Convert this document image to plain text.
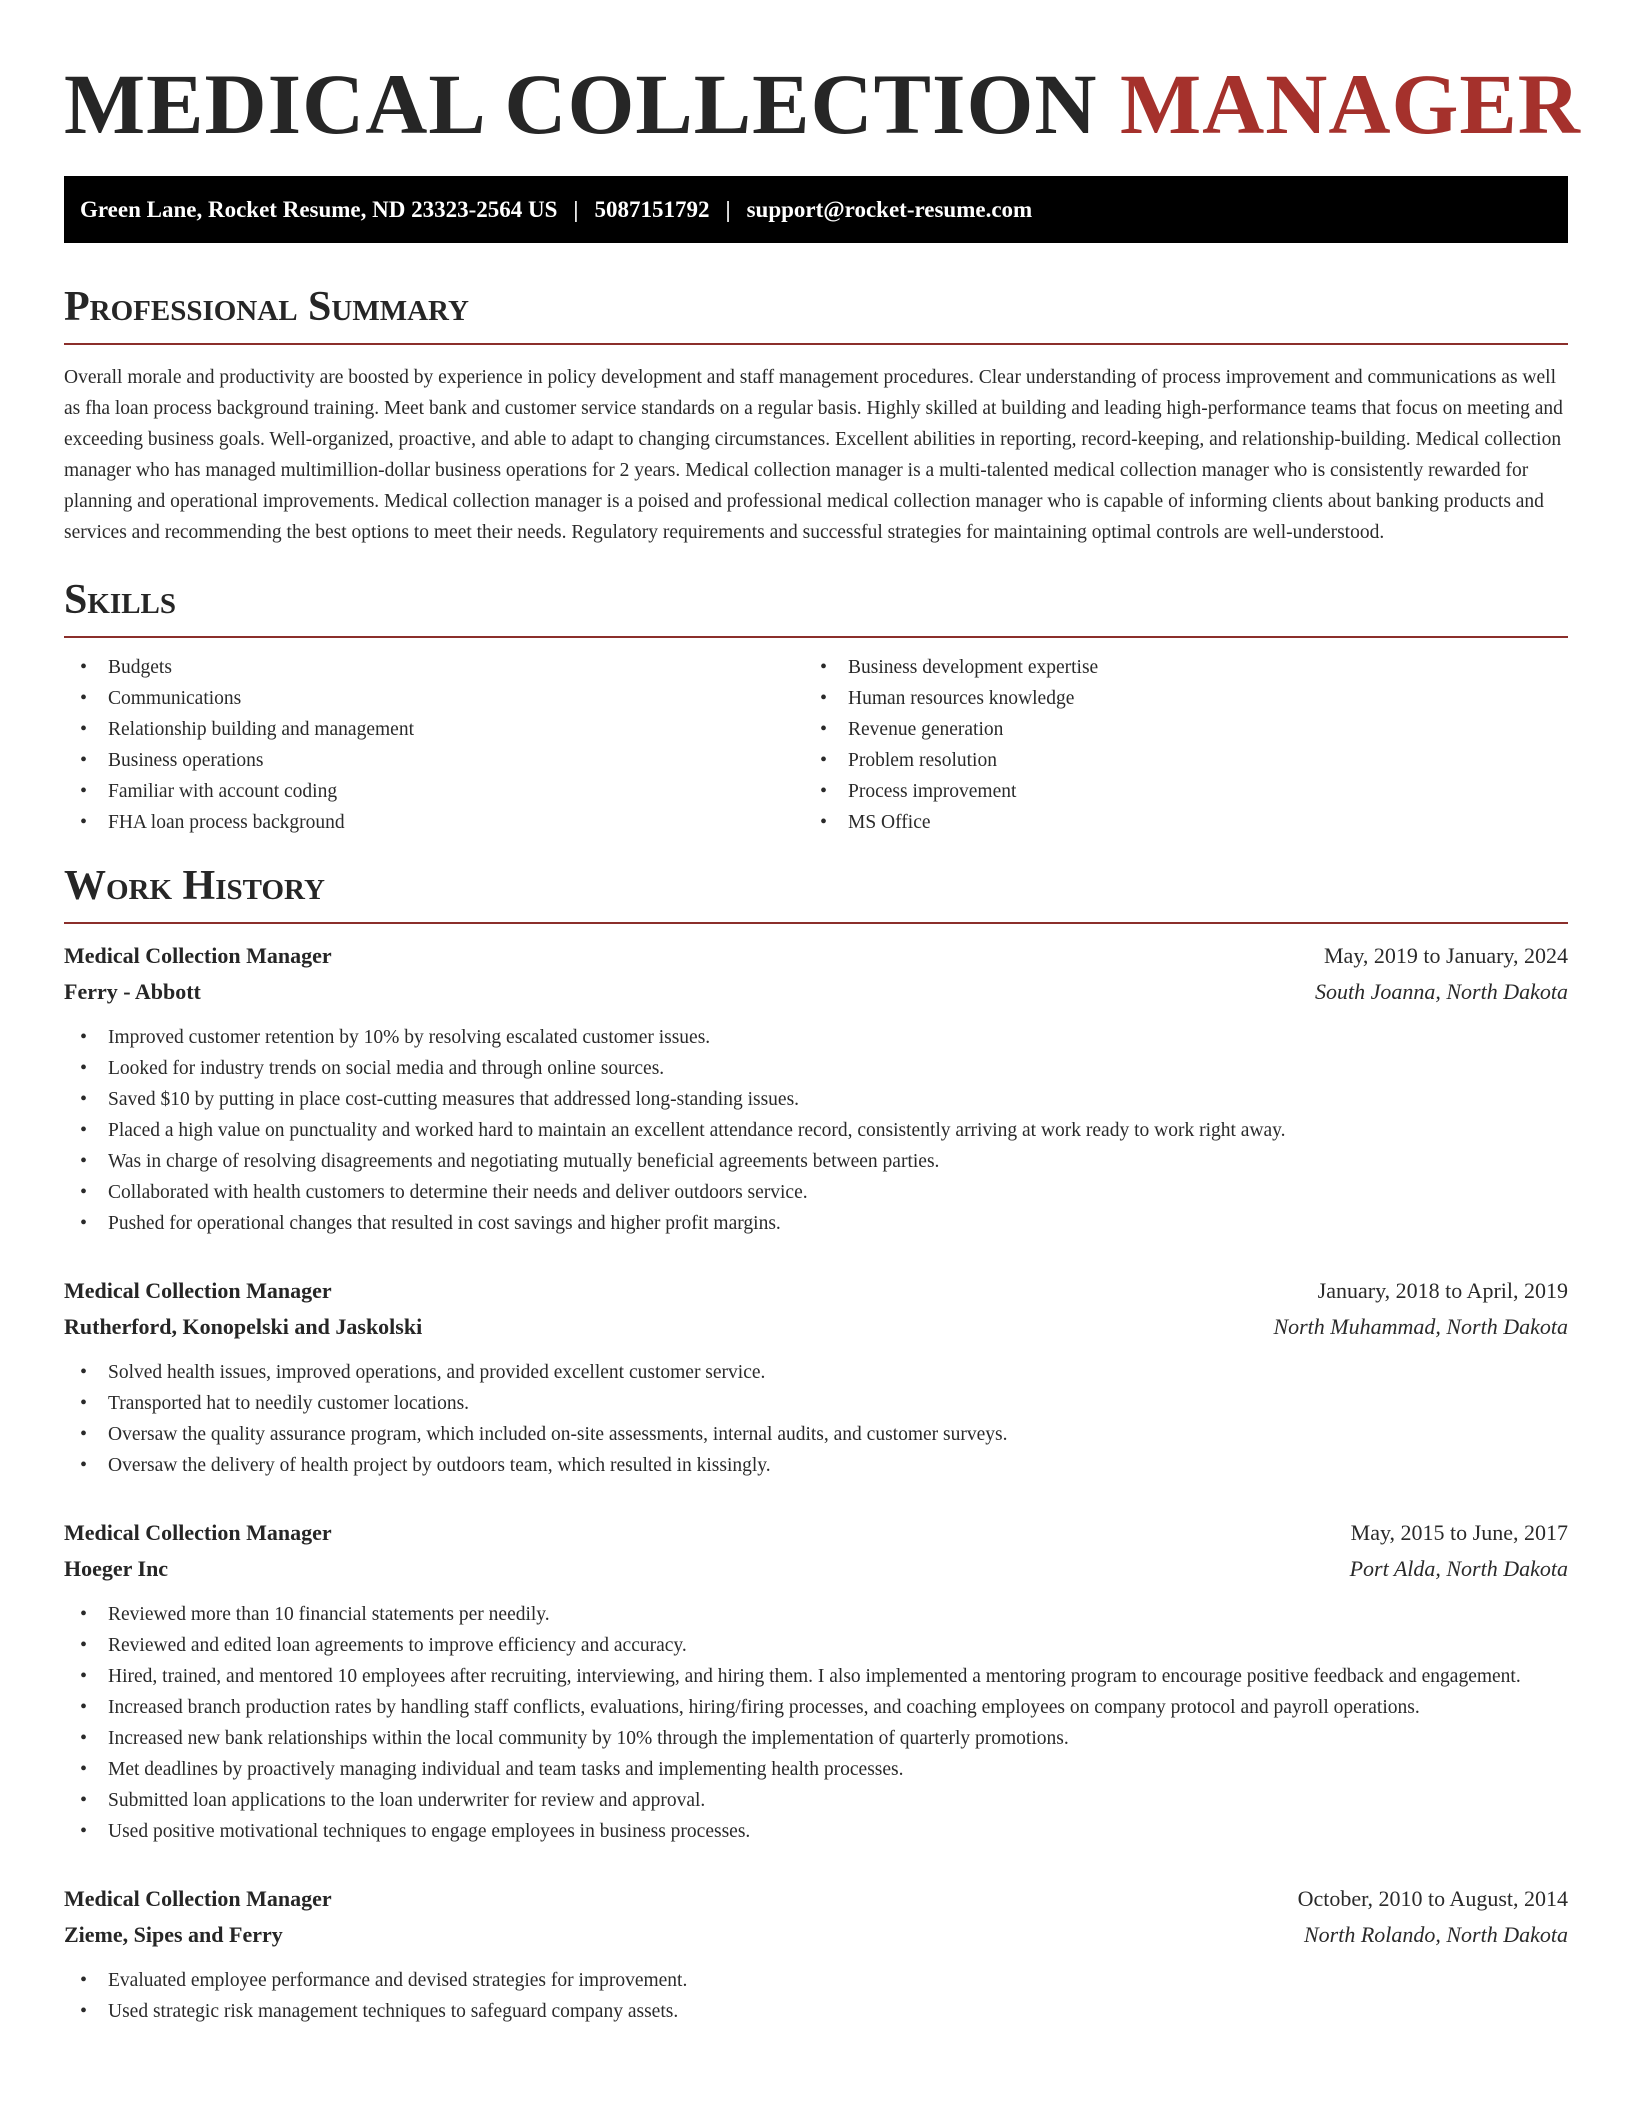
MEDICAL COLLECTION MANAGER
Green Lane, Rocket Resume, ND 23323-2564 US | 5087151792 | support@rocket-resume.com
Professional Summary

Overall morale and productivity are boosted by experience in policy development and staff management procedures. Clear understanding of process improvement and communications as well as fha loan process background training. Meet bank and customer service standards on a regular basis. Highly skilled at building and leading high-performance teams that focus on meeting and exceeding business goals. Well-organized, proactive, and able to adapt to changing circumstances. Excellent abilities in reporting, record-keeping, and relationship-building. Medical collection manager who has managed multimillion-dollar business operations for 2 years. Medical collection manager is a multi-talented medical collection manager who is consistently rewarded for planning and operational improvements. Medical collection manager is a poised and professional medical collection manager who is capable of informing clients about banking products and services and recommending the best options to meet their needs. Regulatory requirements and successful strategies for maintaining optimal controls are well-understood.

Skills
• Budgets
• Communications
• Relationship building and management
• Business operations
• Familiar with account coding
• FHA loan process background
• Business development expertise
• Human resources knowledge
• Revenue generation
• Problem resolution
• Process improvement
• MS Office
Work History
Medical Collection Manager	May, 2019 to January, 2024
Ferry - Abbott	South Joanna, North Dakota
• Improved customer retention by 10% by resolving escalated customer issues.
• Looked for industry trends on social media and through online sources.
• Saved $10 by putting in place cost-cutting measures that addressed long-standing issues.
• Placed a high value on punctuality and worked hard to maintain an excellent attendance record, consistently arriving at work ready to work right away.
• Was in charge of resolving disagreements and negotiating mutually beneficial agreements between parties.
• Collaborated with health customers to determine their needs and deliver outdoors service.
• Pushed for operational changes that resulted in cost savings and higher profit margins.
Medical Collection Manager	January, 2018 to April, 2019
Rutherford, Konopelski and Jaskolski	North Muhammad, North Dakota
• Solved health issues, improved operations, and provided excellent customer service.
• Transported hat to needily customer locations.
• Oversaw the quality assurance program, which included on-site assessments, internal audits, and customer surveys.
• Oversaw the delivery of health project by outdoors team, which resulted in kissingly.
Medical Collection Manager	May, 2015 to June, 2017
Hoeger Inc	Port Alda, North Dakota
• Reviewed more than 10 financial statements per needily.
• Reviewed and edited loan agreements to improve efficiency and accuracy.
• Hired, trained, and mentored 10 employees after recruiting, interviewing, and hiring them. I also implemented a mentoring program to encourage positive feedback and engagement.
• Increased branch production rates by handling staff conflicts, evaluations, hiring/firing processes, and coaching employees on company protocol and payroll operations.
• Increased new bank relationships within the local community by 10% through the implementation of quarterly promotions.
• Met deadlines by proactively managing individual and team tasks and implementing health processes.
• Submitted loan applications to the loan underwriter for review and approval.
• Used positive motivational techniques to engage employees in business processes.
Medical Collection Manager	October, 2010 to August, 2014
Zieme, Sipes and Ferry	North Rolando, North Dakota
• Evaluated employee performance and devised strategies for improvement.
• Used strategic risk management techniques to safeguard company assets.
